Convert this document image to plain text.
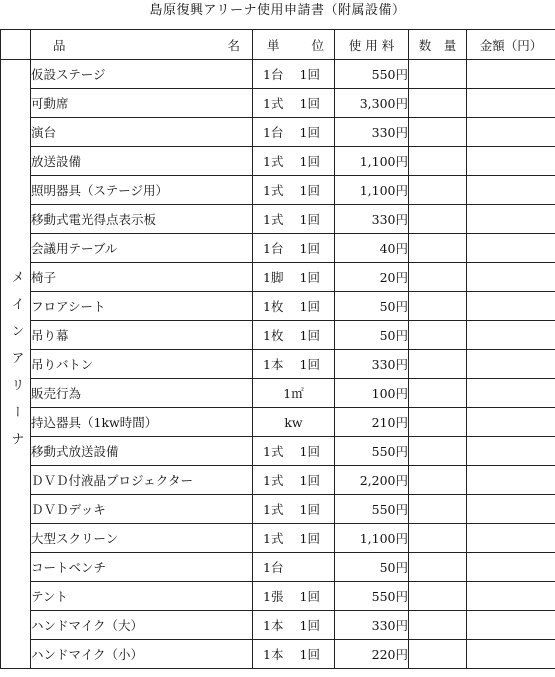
島原復興アリーナ使用申請書（附属設備）

	品 名	単 位	使 用 料	数　量	金額（円）

メインアリーナ	仮設ステージ	1台 1回	550円		
	可動席	1式 1回	3,300円		
	演台	1台 1回	330円		
	放送設備	1式 1回	1,100円		
	照明器具（ステージ用）	1式 1回	1,100円		
	移動式電光得点表示板	1式 1回	330円		
	会議用テーブル	1台 1回	40円		
	椅子	1脚 1回	20円		
	フロアシート	1枚 1回	50円		
	吊り幕	1枚 1回	50円		
	吊りバトン	1本 1回	330円		
	販売行為	1㎡	100円		
	持込器具（1kw時間）	kw	210円		
	移動式放送設備	1式 1回	550円		
	ＤＶＤ付液晶プロジェクター	1式 1回	2,200円		
	ＤＶＤデッキ	1式 1回	550円		
	大型スクリーン	1式 1回	1,100円		
	コートベンチ	1台	50円		
	テント	1張 1回	550円		
	ハンドマイク（大）	1本 1回	330円		
	ハンドマイク（小）	1本 1回	220円		
